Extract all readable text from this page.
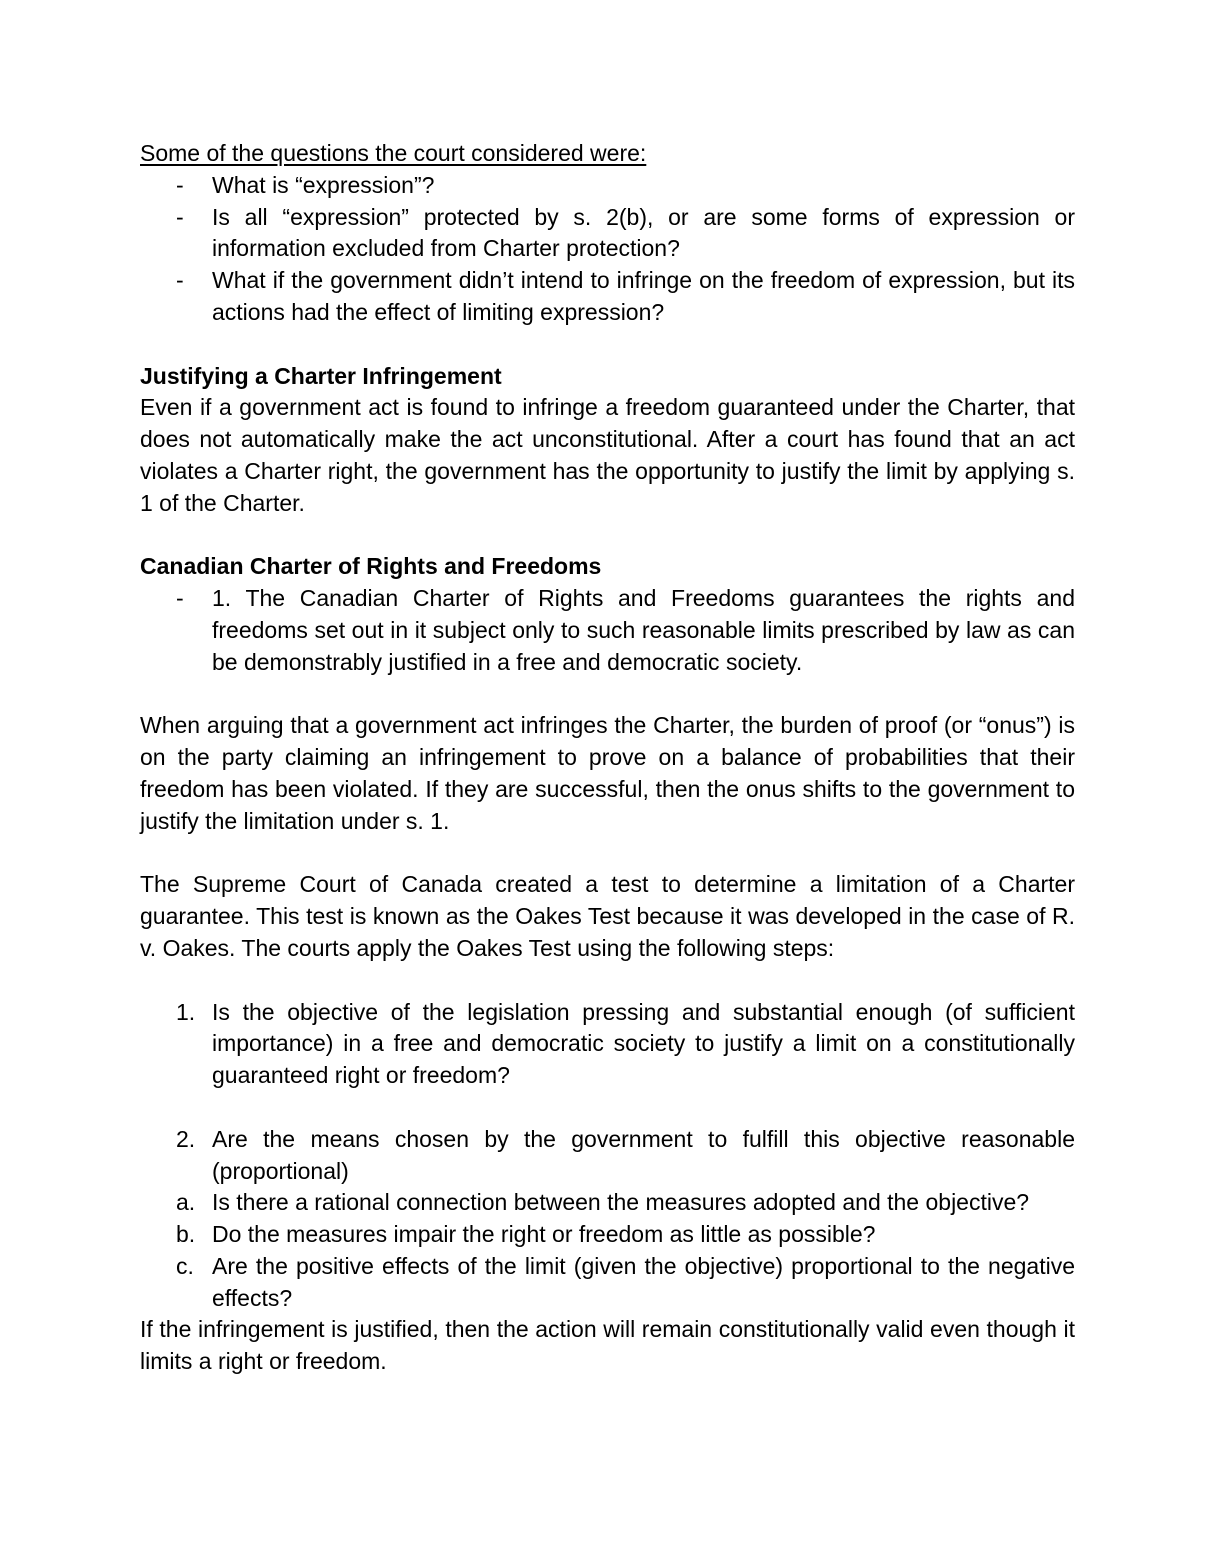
Some of the questions the court considered were:

- What is “expression”?
- Is all “expression” protected by s. 2(b), or are some forms of expression or information excluded from Charter protection?
- What if the government didn’t intend to infringe on the freedom of expression, but its actions had the effect of limiting expression?

Justifying a Charter Infringement

Even if a government act is found to infringe a freedom guaranteed under the Charter, that does not automatically make the act unconstitutional. After a court has found that an act violates a Charter right, the government has the opportunity to justify the limit by applying s. 1 of the Charter.

Canadian Charter of Rights and Freedoms

- 1. The Canadian Charter of Rights and Freedoms guarantees the rights and freedoms set out in it subject only to such reasonable limits prescribed by law as can be demonstrably justified in a free and democratic society.

When arguing that a government act infringes the Charter, the burden of proof (or “onus”) is on the party claiming an infringement to prove on a balance of probabilities that their freedom has been violated. If they are successful, then the onus shifts to the government to justify the limitation under s. 1.

The Supreme Court of Canada created a test to determine a limitation of a Charter guarantee. This test is known as the Oakes Test because it was developed in the case of R. v. Oakes. The courts apply the Oakes Test using the following steps:

1. Is the objective of the legislation pressing and substantial enough (of sufficient importance) in a free and democratic society to justify a limit on a constitutionally guaranteed right or freedom?
2. Are the means chosen by the government to fulfill this objective reasonable (proportional)
a. Is there a rational connection between the measures adopted and the objective?
b. Do the measures impair the right or freedom as little as possible?
c. Are the positive effects of the limit (given the objective) proportional to the negative effects?

If the infringement is justified, then the action will remain constitutionally valid even though it limits a right or freedom.
